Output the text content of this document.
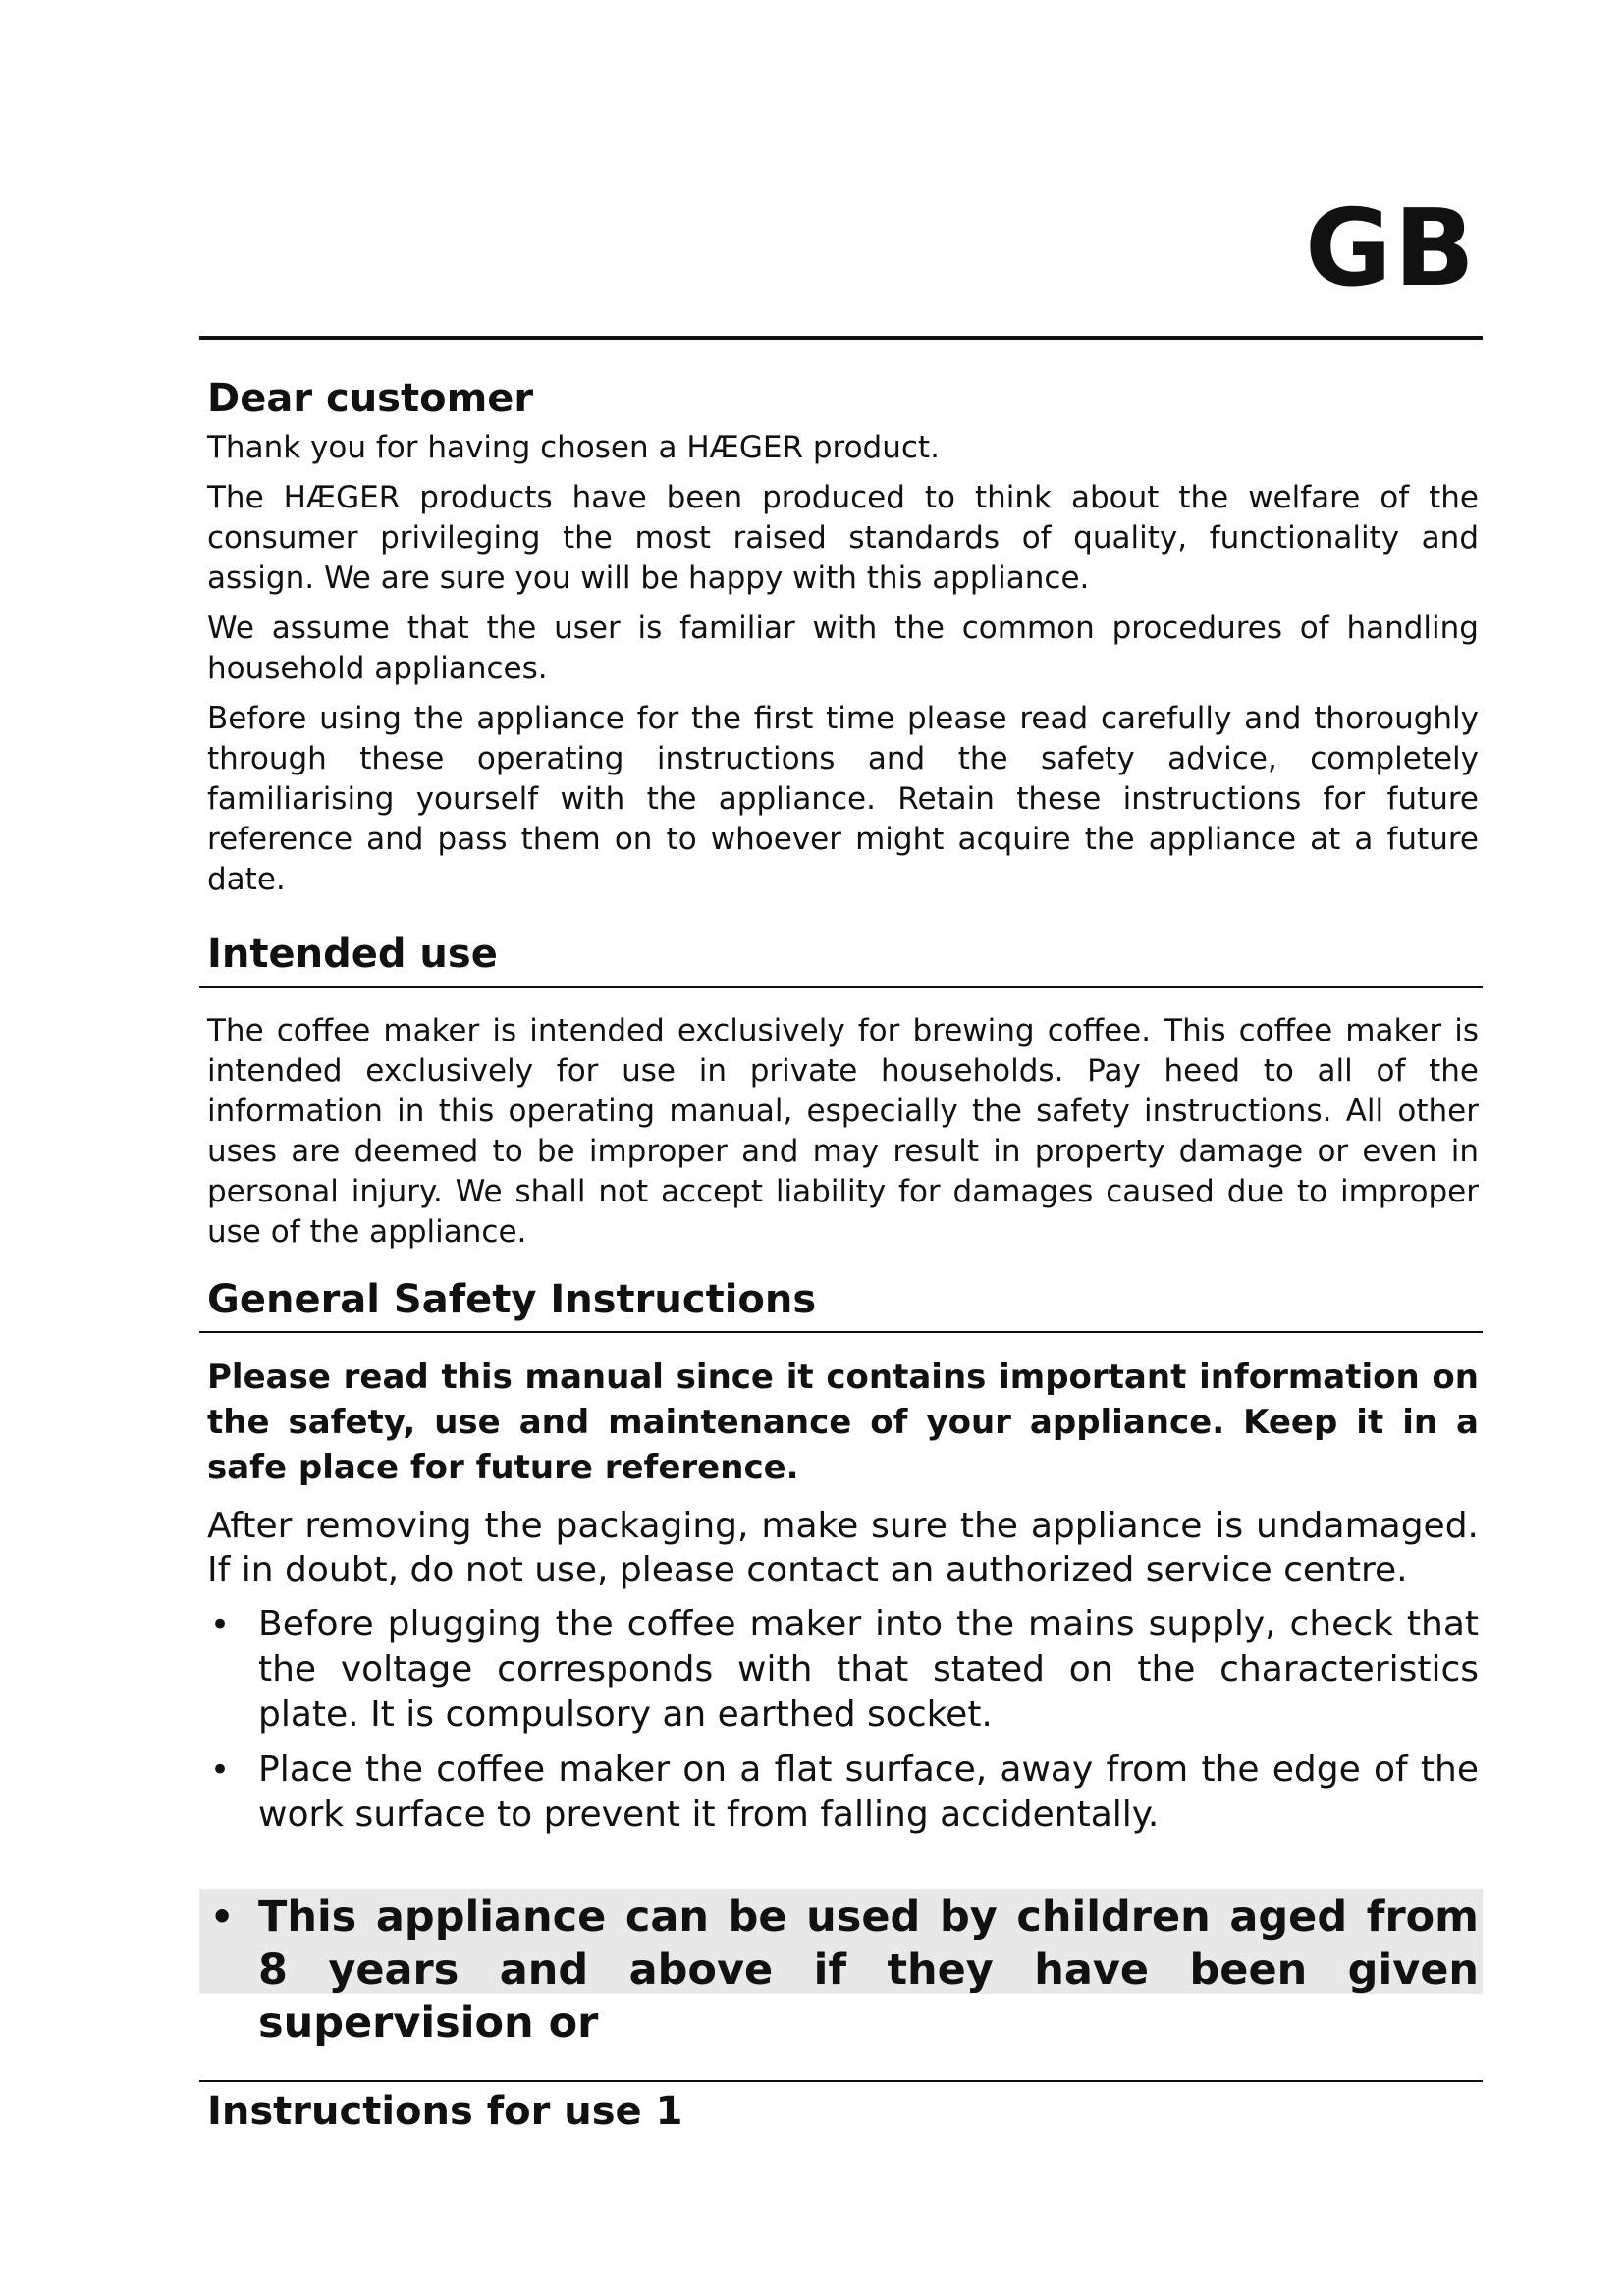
GB
Dear customer

Thank you for having chosen a HÆGER product.

The HÆGER products have been produced to think about the welfare of the consumer privileging the most raised standards of quality, functionality and assign. We are sure you will be happy with this appliance.

We assume that the user is familiar with the common procedures of handling household appliances.

Before using the appliance for the first time please read carefully and thoroughly through these operating instructions and the safety advice, completely familiarising yourself with the appliance. Retain these instructions for future reference and pass them on to whoever might acquire the appliance at a future date.

Intended use

The coffee maker is intended exclusively for brewing coffee. This coffee maker is intended exclusively for use in private households. Pay heed to all of the information in this operating manual, especially the safety instructions. All other uses are deemed to be improper and may result in property damage or even in personal injury. We shall not accept liability for damages caused due to improper use of the appliance.

General Safety Instructions

Please read this manual since it contains important information on the safety, use and maintenance of your appliance. Keep it in a safe place for future reference.

After removing the packaging, make sure the appliance is undamaged. If in doubt, do not use, please contact an authorized service centre.

• Before plugging the coffee maker into the mains supply, check that the voltage corresponds with that stated on the characteristics plate. It is compulsory an earthed socket.
• Place the coffee maker on a flat surface, away from the edge of the work surface to prevent it from falling accidentally.
• This appliance can be used by children aged from 8 years and above if they have been given supervision or
Instructions for use 1
